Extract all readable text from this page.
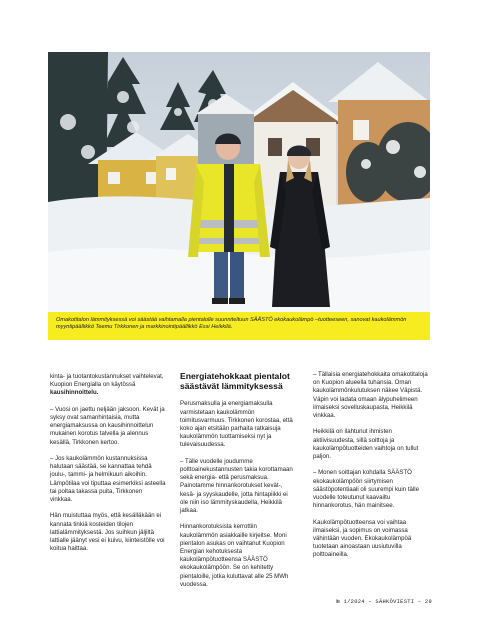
Omakotitalon lämmityksessä voi säästää vaihtamalla pientalolle suunniteltuun SÄÄSTÖ ekokaukolämpö –tuotteeseen, sanovat kaukolämmön myyntipäällikkö Teemu Tirkkonen ja markkinointipäällikkö Essi Heikkilä.

kinta- ja tuotantokustannukset vaihtelevat, Kuopion Energialla on käytössä kausihinnoittelu.

– Vuosi on jaettu neljään jaksoon. Kevät ja syksy ovat samanhintaisia, mutta energiamaksussa on kausihinnoittelun mukainen korotus talvella ja alennus kesällä, Tirkkonen kertoo.

– Jos kaukolämmön kustannuksissa halutaan säästää, se kannattaa tehdä joulu-, tammi- ja helmikuun aikoihin. Lämpötilaa voi tiputtaa esimerkiksi asteella tai poltaa takassa puita, Tirkkonen vinkkaa.

Hän muistuttaa myös, että kesälläkään ei kannata tinkiä kosteiden tilojen lattialämmityksestä. Jos suihkun jäljiltä lattialle jäänyt vesi ei kuivu, kiinteistölle voi koitua haittaa.

Energiatehokkaat pientalot säästävät lämmityksessä

Perusmaksulla ja energiamaksulla varmistetaan kaukolämmön toimitusvarmuus. Tirkkonen korostaa, että koko ajan etsitään parhaita ratkaisuja kaukolämmön tuottamiseksi nyt ja tulevaisuudessa.

– Tälle vuodelle joudumme polttoainekustannusten takia korottamaan sekä energia- että perusmaksua. Painotamme hinnankorotukset kevät-, kesä- ja syyskaudelle, jotta hintapiikki ei ole niin iso lämmityskaudella, Heikkilä jatkaa.

Hinnankorotuksista kerrottiin kaukolämmön asiakkaille kirjeitse. Moni pientalon asukas on vaihtanut Kuopion Energian kehotuksesta kaukolämpötuotteensa SÄÄSTÖ ekokaukolämpöön. Se on kehitetty pientaloille, jotka kuluttavat alle 25 MWh vuodessa.

– Tällaisia energiatehokkaita omakotitaloja on Kuopion alueella tuhansia. Oman kaukolämmönkulutuksen näkee Väpistä. Väpin voi ladata omaan älypuhelimeen ilmaiseksi sovelluskaupasta, Heikkilä vinkkaa.

Heikkilä on ilahtunut ihmisten aktiivisuudesta, sillä soittoja ja kaukolämpötuotteiden vaihtoja on tullut paljon.

– Monen soittajan kohdalla SÄÄSTÖ ekokaukolämpöön siirtymisen säästöpotentiaali oli suurempi kuin tälle vuodelle toteutunut kaavailtu hinnankorotus, hän mainitsee.

Kaukolämpötuotteensa voi vaihtaa ilmaiseksi, ja sopimus on voimassa vähintään vuoden. Ekokaukolämpöä tuotetaan ainoastaan uusiutuvilla polttoaineilla.

№ 1/2024 – SÄHKÖVIESTI – 29
